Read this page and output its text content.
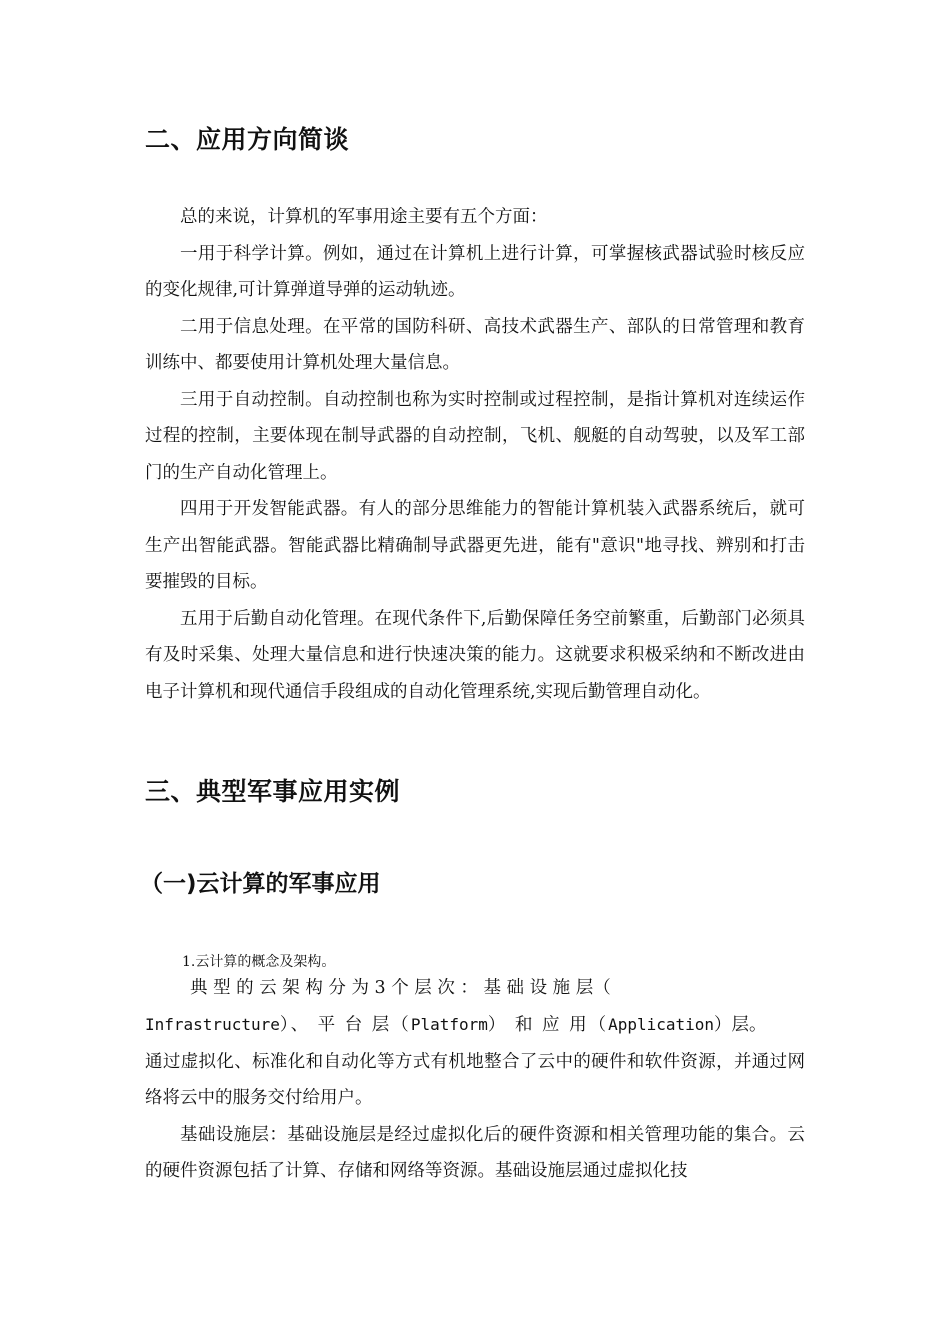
二、应用方向简谈

总的来说，计算机的军事用途主要有五个方面：

一用于科学计算。例如，通过在计算机上进行计算，可掌握核武器试验时核反应的变化规律,可计算弹道导弹的运动轨迹。

二用于信息处理。在平常的国防科研、高技术武器生产、部队的日常管理和教育训练中、都要使用计算机处理大量信息。

三用于自动控制。自动控制也称为实时控制或过程控制，是指计算机对连续运作过程的控制，主要体现在制导武器的自动控制，飞机、舰艇的自动驾驶，以及军工部门的生产自动化管理上。

四用于开发智能武器。有人的部分思维能力的智能计算机装入武器系统后，就可生产出智能武器。智能武器比精确制导武器更先进，能有"意识"地寻找、辨别和打击要摧毁的目标。

五用于后勤自动化管理。在现代条件下,后勤保障任务空前繁重，后勤部门必须具有及时采集、处理大量信息和进行快速决策的能力。这就要求积极采纳和不断改进由电子计算机和现代通信手段组成的自动化管理系统,实现后勤管理自动化。

三、典型军事应用实例
（一)云计算的军事应用

1.云计算的概念及架构。

典 型 的 云 架 构 分 为 3 个 层 次 ： 基 础 设 施 层（

Infrastructure）、 平 台 层（Platform） 和 应 用（Application）层。

通过虚拟化、标准化和自动化等方式有机地整合了云中的硬件和软件资源，并通过网络将云中的服务交付给用户。

基础设施层：基础设施层是经过虚拟化后的硬件资源和相关管理功能的集合。云的硬件资源包括了计算、存储和网络等资源。基础设施层通过虚拟化技
